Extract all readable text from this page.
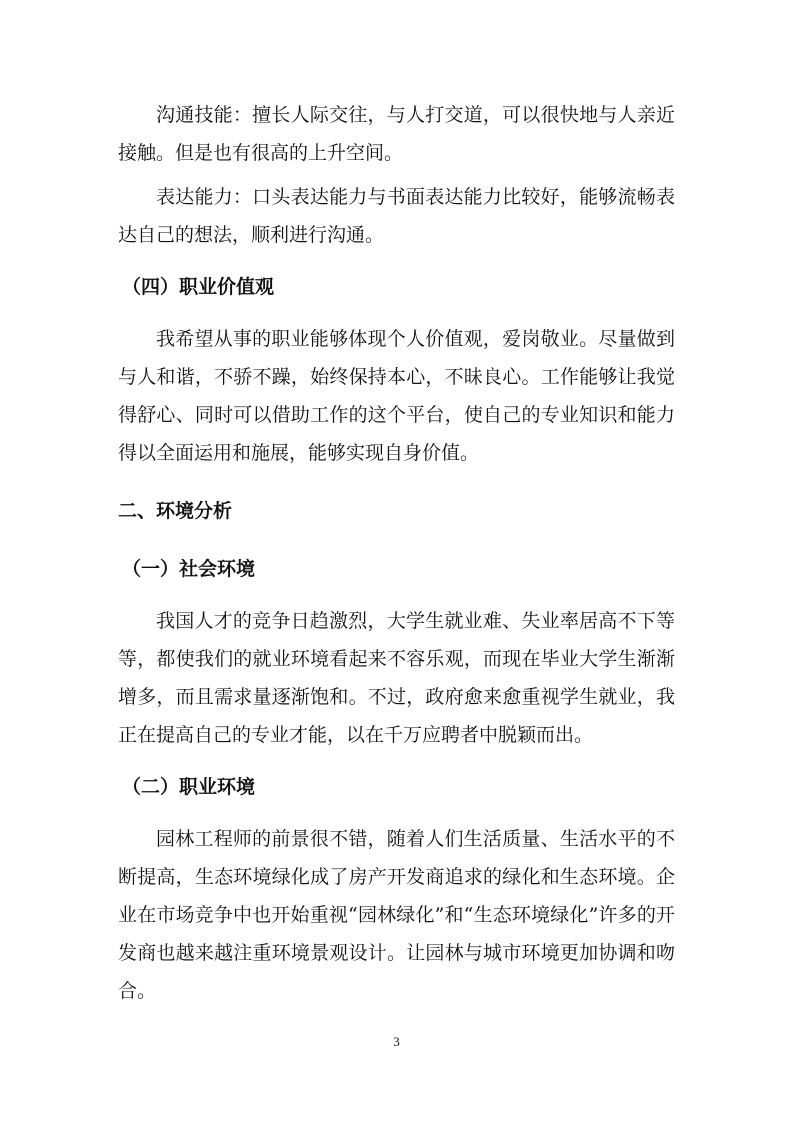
沟通技能：擅长人际交往，与人打交道，可以很快地与人亲近接触。但是也有很高的上升空间。

表达能力：口头表达能力与书面表达能力比较好，能够流畅表达自己的想法，顺利进行沟通。

（四）职业价值观

我希望从事的职业能够体现个人价值观，爱岗敬业。尽量做到与人和谐，不骄不躁，始终保持本心，不昧良心。工作能够让我觉得舒心、同时可以借助工作的这个平台，使自己的专业知识和能力得以全面运用和施展，能够实现自身价值。

二、环境分析
（一）社会环境

我国人才的竞争日趋激烈，大学生就业难、失业率居高不下等等，都使我们的就业环境看起来不容乐观，而现在毕业大学生渐渐增多，而且需求量逐渐饱和。不过，政府愈来愈重视学生就业，我正在提高自己的专业才能，以在千万应聘者中脱颖而出。

（二）职业环境

园林工程师的前景很不错，随着人们生活质量、生活水平的不断提高，生态环境绿化成了房产开发商追求的绿化和生态环境。企业在市场竞争中也开始重视“园林绿化”和“生态环境绿化”许多的开发商也越来越注重环境景观设计。让园林与城市环境更加协调和吻合。

3
